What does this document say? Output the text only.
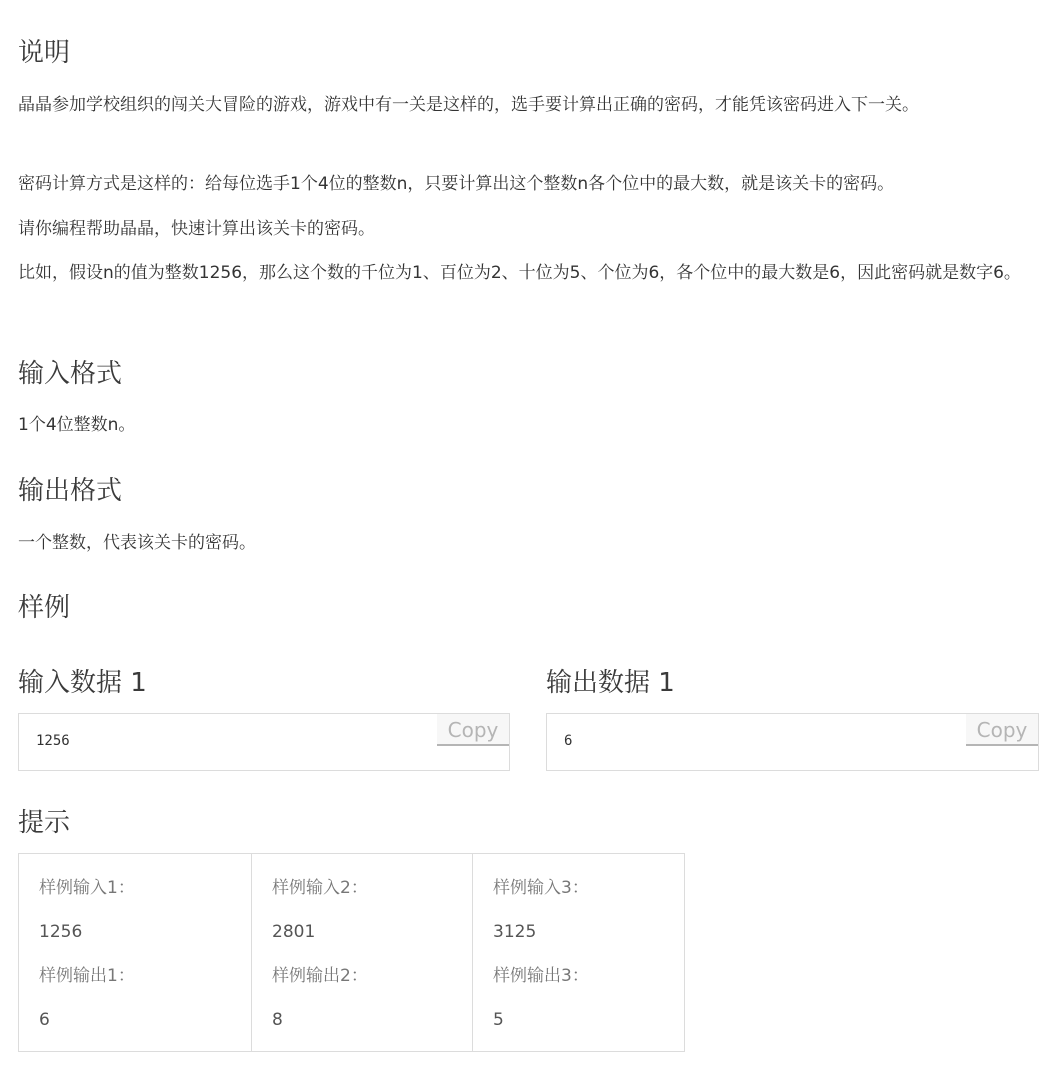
说明

晶晶参加学校组织的闯关大冒险的游戏，游戏中有一关是这样的，选手要计算出正确的密码，才能凭该密码进入下一关。

密码计算方式是这样的：给每位选手1个4位的整数n，只要计算出这个整数n各个位中的最大数，就是该关卡的密码。

请你编程帮助晶晶，快速计算出该关卡的密码。

比如，假设n的值为整数1256，那么这个数的千位为1、百位为2、十位为5、个位为6，各个位中的最大数是6，因此密码就是数字6。

输入格式

1个4位整数n。

输出格式

一个整数，代表该关卡的密码。

样例
输入数据 1
1256	Copy
输出数据 1
6	Copy
提示
样例输入1：
1256
样例输出1：
6

样例输入2：
2801
样例输出2：
8

样例输入3：
3125
样例输出3：
5
